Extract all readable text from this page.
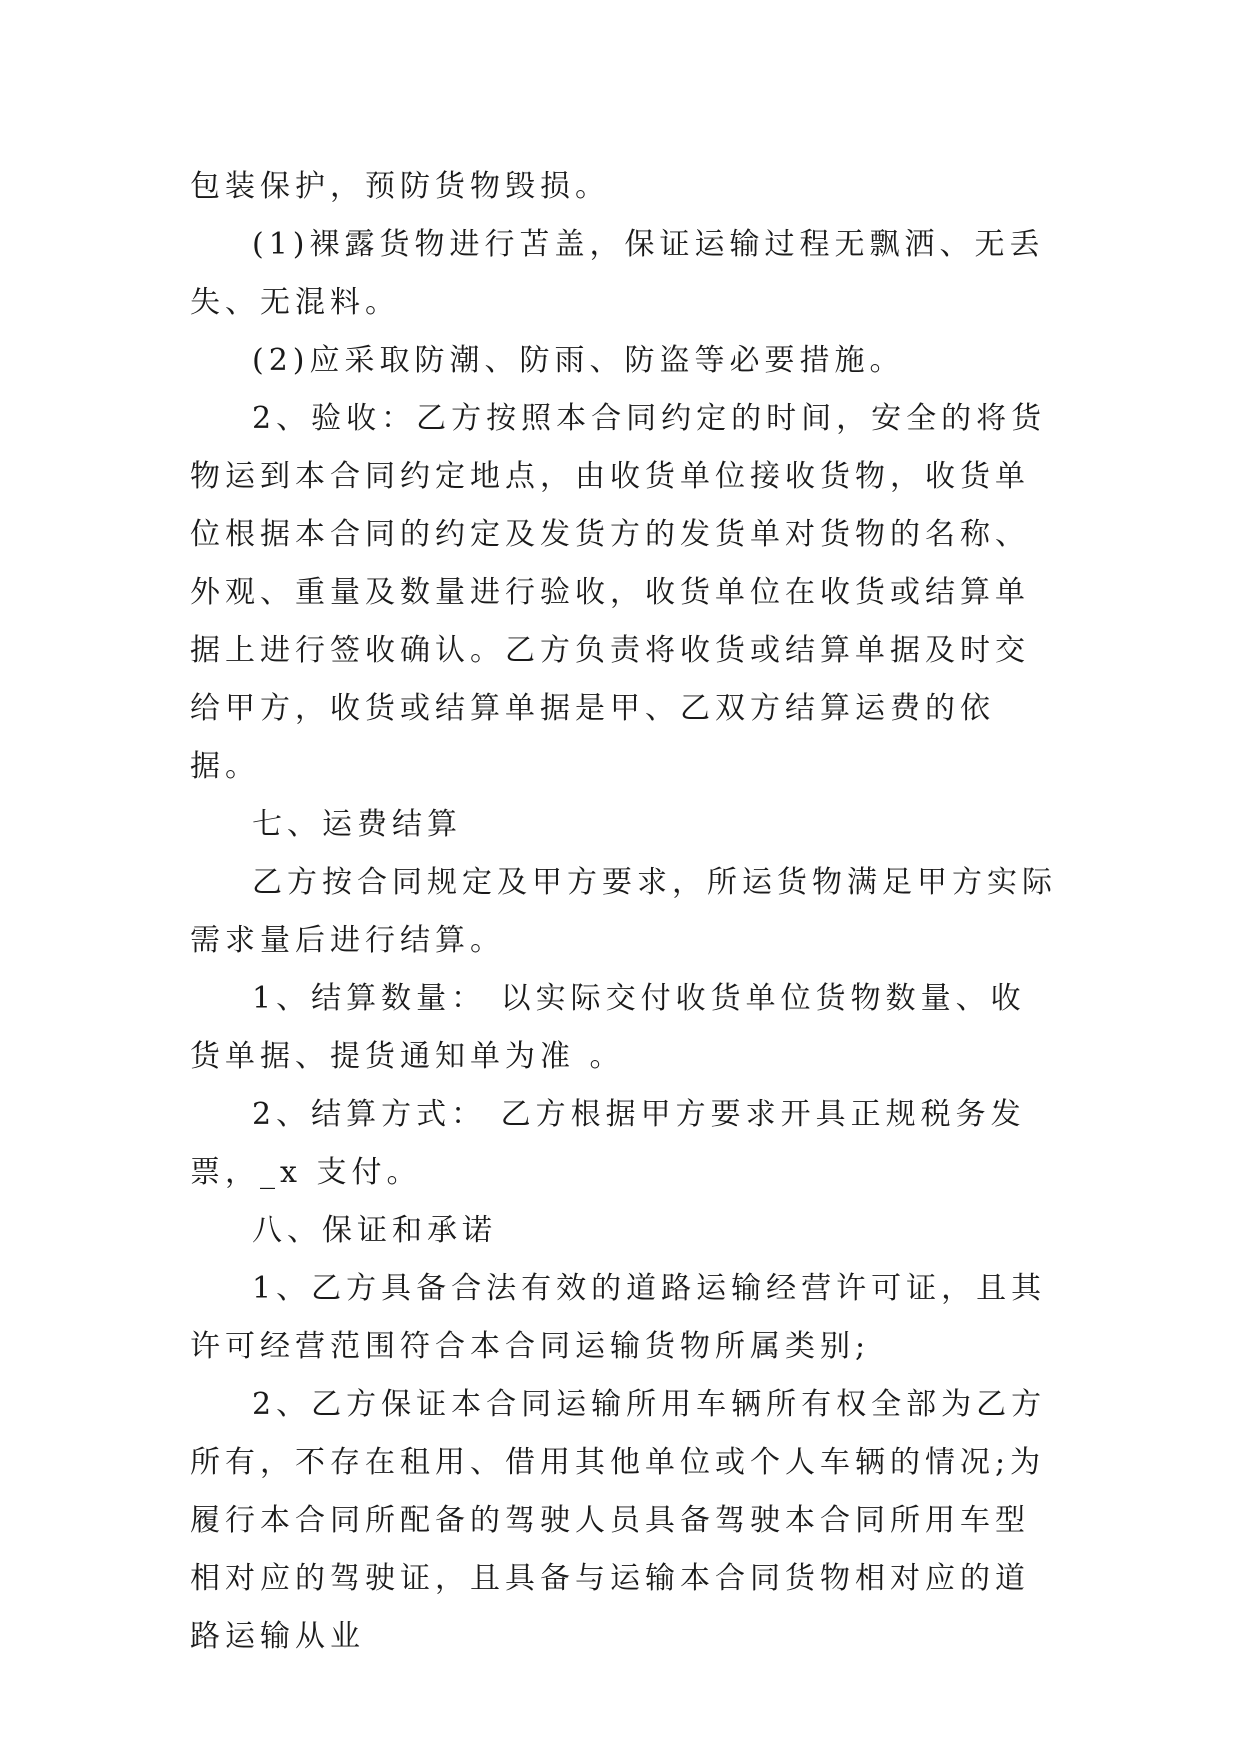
包装保护，预防货物毁损。

(1)裸露货物进行苫盖，保证运输过程无飘洒、无丢失、无混料。

(2)应采取防潮、防雨、防盗等必要措施。

2、验收：乙方按照本合同约定的时间，安全的将货物运到本合同约定地点，由收货单位接收货物，收货单位根据本合同的约定及发货方的发货单对货物的名称、外观、重量及数量进行验收，收货单位在收货或结算单据上进行签收确认。乙方负责将收货或结算单据及时交给甲方，收货或结算单据是甲、乙双方结算运费的依据。

七、运费结算

乙方按合同规定及甲方要求，所运货物满足甲方实际需求量后进行结算。

1、结算数量： 以实际交付收货单位货物数量、收货单据、提货通知单为准 。

2、结算方式： 乙方根据甲方要求开具正规税务发票，_x 支付。

八、保证和承诺

1、乙方具备合法有效的道路运输经营许可证，且其许可经营范围符合本合同运输货物所属类别;

2、乙方保证本合同运输所用车辆所有权全部为乙方所有，不存在租用、借用其他单位或个人车辆的情况;为履行本合同所配备的驾驶人员具备驾驶本合同所用车型相对应的驾驶证，且具备与运输本合同货物相对应的道路运输从业
